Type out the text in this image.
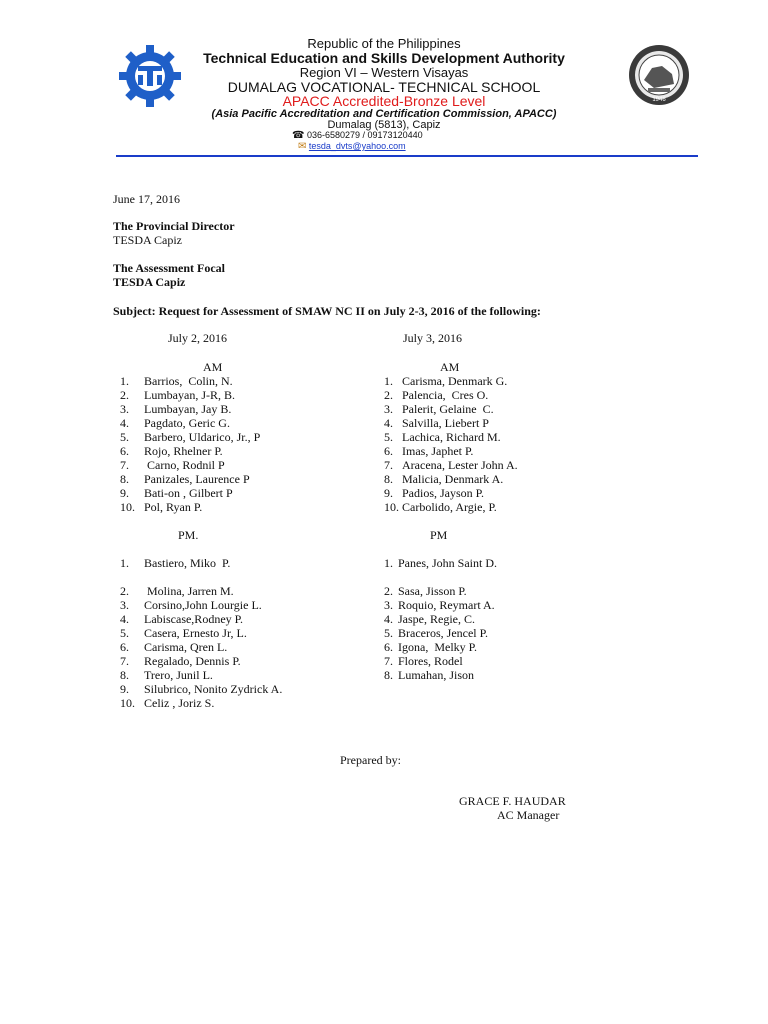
1946
Republic of the Philippines
Technical Education and Skills Development Authority
Region VI – Western Visayas
DUMALAG VOCATIONAL- TECHNICAL SCHOOL
APACC Accredited-Bronze Level
(Asia Pacific Accreditation and Certification Commission, APACC)
Dumalag (5813), Capiz
☎ 036-6580279 / 09173120440
✉ tesda_dvts@yahoo.com
June 17, 2016
The Provincial Director
TESDA Capiz
The Assessment Focal
TESDA Capiz
Subject: Request for Assessment of SMAW NC II on July 2-3, 2016 of the following:
July 2, 2016
AM
1. Barrios,  Colin, N.
2. Lumbayan, J-R, B.
3. Lumbayan, Jay B.
4. Pagdato, Geric G.
5. Barbero, Uldarico, Jr., P
6. Rojo, Rhelner P.
7. Carno, Rodnil P
8. Panizales, Laurence P
9. Bati-on , Gilbert P
10. Pol, Ryan P.
PM.
1. Bastiero, Miko  P.
2. Molina, Jarren M.
3. Corsino,John Lourgie L.
4. Labiscase,Rodney P.
5. Casera, Ernesto Jr, L.
6. Carisma, Qren L.
7. Regalado, Dennis P.
8. Trero, Junil L.
9. Silubrico, Nonito Zydrick A.
10. Celiz , Joriz S.
July 3, 2016
AM
1. Carisma, Denmark G.
2. Palencia,  Cres O.
3. Palerit, Gelaine  C.
4. Salvilla, Liebert P
5. Lachica, Richard M.
6. Imas, Japhet P.
7. Aracena, Lester John A.
8. Malicia, Denmark A.
9. Padios, Jayson P.
10. Carbolido, Argie, P.
PM
1. Panes, John Saint D.
2. Sasa, Jisson P.
3. Roquio, Reymart A.
4. Jaspe, Regie, C.
5. Braceros, Jencel P.
6. Igona,  Melky P.
7. Flores, Rodel
8. Lumahan, Jison
Prepared by:
GRACE F. HAUDAR
AC Manager
